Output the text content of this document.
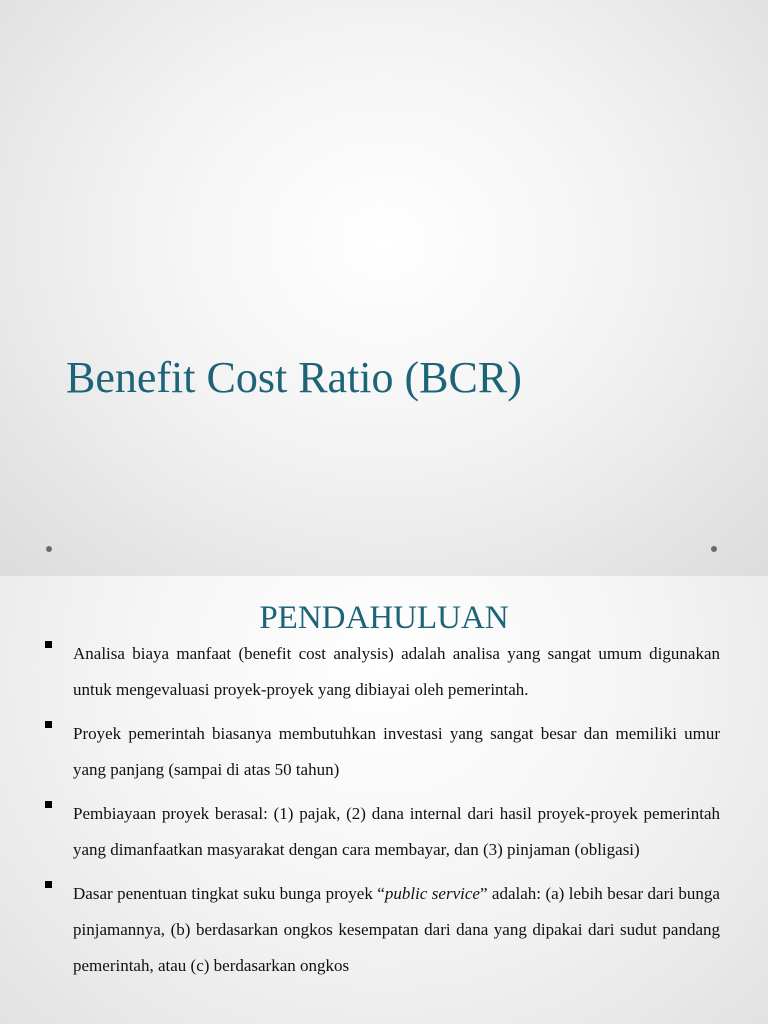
Benefit Cost Ratio (BCR)
PENDAHULUAN
Analisa biaya manfaat (benefit cost analysis) adalah analisa yang sangat umum digunakan untuk mengevaluasi proyek-proyek yang dibiayai oleh pemerintah.
Proyek pemerintah biasanya membutuhkan investasi yang sangat besar dan memiliki umur yang panjang (sampai di atas 50 tahun)
Pembiayaan proyek berasal: (1) pajak, (2) dana internal dari hasil proyek-proyek pemerintah yang dimanfaatkan masyarakat dengan cara membayar, dan (3) pinjaman (obligasi)
Dasar penentuan tingkat suku bunga proyek “public service” adalah: (a) lebih besar dari bunga pinjamannya, (b) berdasarkan ongkos kesempatan dari dana yang dipakai dari sudut pandang pemerintah, atau (c) berdasarkan ongkos
